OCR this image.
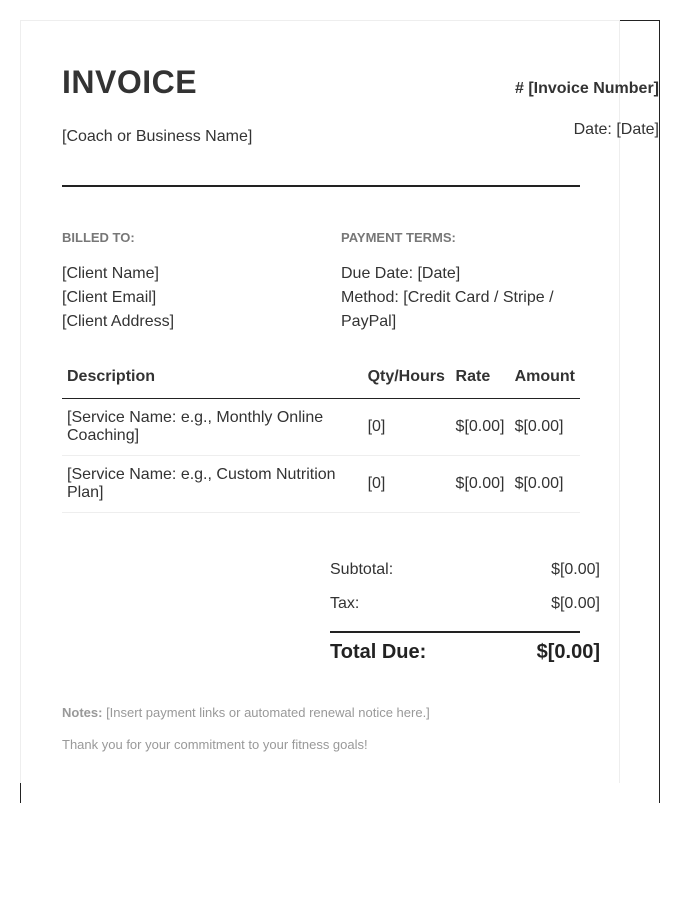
INVOICE	# [Invoice Number]
[Coach or Business Name]	Date: [Date]
BILLED TO:
[Client Name]
[Client Email]
[Client Address]
PAYMENT TERMS:
Due Date: [Date]
Method: [Credit Card / Stripe / PayPal]
Description	Qty/Hours	Rate	Amount
[Service Name: e.g., Monthly Online Coaching]	[0]	$[0.00]	$[0.00]
[Service Name: e.g., Custom Nutrition Plan]	[0]	$[0.00]	$[0.00]
Subtotal:	$[0.00]
Tax:	$[0.00]
Total Due:	$[0.00]
Notes: [Insert payment links or automated renewal notice here.]
Thank you for your commitment to your fitness goals!
